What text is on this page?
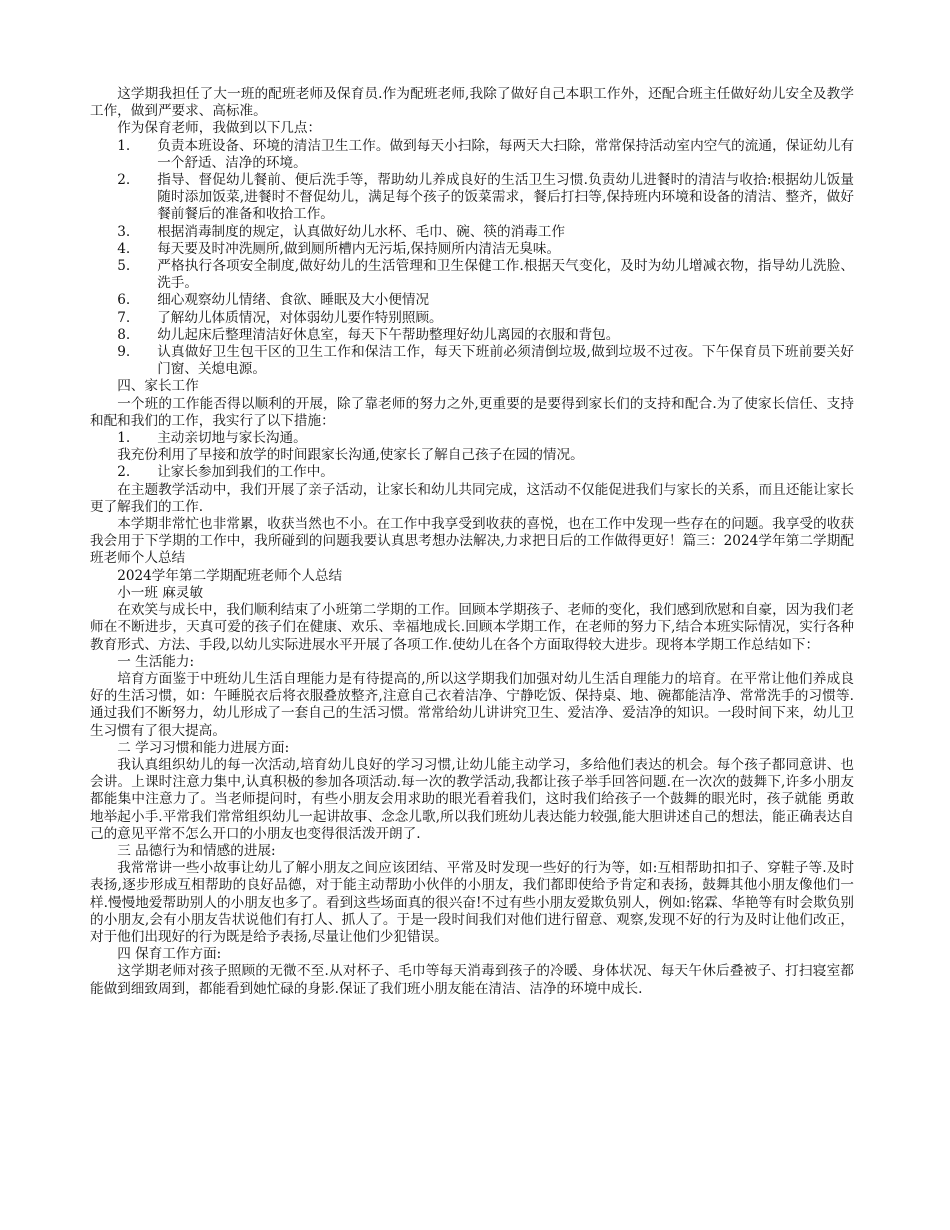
这学期我担任了大一班的配班老师及保育员.作为配班老师,我除了做好自己本职工作外，还配合班主任做好幼儿安全及教学工作，做到严要求、高标准。

作为保育老师，我做到以下几点：

1.	负责本班设备、环境的清洁卫生工作。做到每天小扫除，每两天大扫除，常常保持活动室内空气的流通，保证幼儿有一个舒适、洁净的环境。
2.	指导、督促幼儿餐前、便后洗手等，帮助幼儿养成良好的生活卫生习惯.负责幼儿进餐时的清洁与收拾:根据幼儿饭量随时添加饭菜,进餐时不督促幼儿，满足每个孩子的饭菜需求，餐后打扫等,保持班内环境和设备的清洁、整齐，做好餐前餐后的准备和收拾工作。
3.	根据消毒制度的规定，认真做好幼儿水杯、毛巾、碗、筷的消毒工作
4.	每天要及时冲洗厕所,做到厕所槽内无污垢,保持厕所内清洁无臭味。
5.	严格执行各项安全制度,做好幼儿的生活管理和卫生保健工作.根据天气变化，及时为幼儿增减衣物，指导幼儿洗脸、洗手。
6.	细心观察幼儿情绪、食欲、睡眠及大小便情况
7.	了解幼儿体质情况，对体弱幼儿要作特别照顾。
8.	幼儿起床后整理清洁好休息室，每天下午帮助整理好幼儿离园的衣服和背包。
9.	认真做好卫生包干区的卫生工作和保洁工作，每天下班前必须清倒垃圾,做到垃圾不过夜。下午保育员下班前要关好门窗、关熄电源。

四、家长工作

一个班的工作能否得以顺利的开展，除了靠老师的努力之外,更重要的是要得到家长们的支持和配合.为了使家长信任、支持和配和我们的工作，我实行了以下措施：

1.	主动亲切地与家长沟通。

我充份利用了早接和放学的时间跟家长沟通,使家长了解自己孩子在园的情况。

2.	让家长参加到我们的工作中。

在主题教学活动中，我们开展了亲子活动，让家长和幼儿共同完成，这活动不仅能促进我们与家长的关系，而且还能让家长更了解我们的工作.

本学期非常忙也非常累，收获当然也不小。在工作中我享受到收获的喜悦，也在工作中发现一些存在的问题。我享受的收获我会用于下学期的工作中，我所碰到的问题我要认真思考想办法解决,力求把日后的工作做得更好！篇三：2024学年第二学期配班老师个人总结

2024学年第二学期配班老师个人总结

小一班 麻灵敏

在欢笑与成长中，我们顺利结束了小班第二学期的工作。回顾本学期孩子、老师的变化，我们感到欣慰和自豪，因为我们老师在不断进步，天真可爱的孩子们在健康、欢乐、幸福地成长.回顾本学期工作，在老师的努力下,结合本班实际情况，实行各种教育形式、方法、手段,以幼儿实际进展水平开展了各项工作.使幼儿在各个方面取得较大进步。现将本学期工作总结如下：

一 生活能力:

培育方面鉴于中班幼儿生活自理能力是有待提高的,所以这学期我们加强对幼儿生活自理能力的培育。在平常让他们养成良好的生活习惯，如：午睡脱衣后将衣服叠放整齐,注意自己衣着洁净、宁静吃饭、保持桌、地、碗都能洁净、常常洗手的习惯等.通过我们不断努力，幼儿形成了一套自己的生活习惯。常常给幼儿讲讲究卫生、爱洁净、爱洁净的知识。一段时间下来，幼儿卫生习惯有了很大提高。

二 学习习惯和能力进展方面:

我认真组织幼儿的每一次活动,培育幼儿良好的学习习惯,让幼儿能主动学习，多给他们表达的机会。每个孩子都同意讲、也会讲。上课时注意力集中,认真积极的参加各项活动.每一次的教学活动,我都让孩子举手回答问题.在一次次的鼓舞下,许多小朋友都能集中注意力了。当老师提问时，有些小朋友会用求助的眼光看着我们，这时我们给孩子一个鼓舞的眼光时，孩子就能 勇敢地举起小手.平常我们常常组织幼儿一起讲故事、念念儿歌,所以我们班幼儿表达能力较强,能大胆讲述自己的想法，能正确表达自己的意见平常不怎么开口的小朋友也变得很活泼开朗了.

三 品德行为和情感的进展:

我常常讲一些小故事让幼儿了解小朋友之间应该团结、平常及时发现一些好的行为等，如:互相帮助扣扣子、穿鞋子等.及时表扬,逐步形成互相帮助的良好品德，对于能主动帮助小伙伴的小朋友，我们都即使给予肯定和表扬，鼓舞其他小朋友像他们一样.慢慢地爱帮助别人的小朋友也多了。看到这些场面真的很兴奋!不过有些小朋友爱欺负别人，例如:铭霖、华艳等有时会欺负别的小朋友,会有小朋友告状说他们有打人、抓人了。于是一段时间我们对他们进行留意、观察,发现不好的行为及时让他们改正，对于他们出现好的行为既是给予表扬,尽量让他们少犯错误。

四 保育工作方面:

这学期老师对孩子照顾的无微不至.从对杯子、毛巾等每天消毒到孩子的冷暖、身体状况、每天午休后叠被子、打扫寝室都能做到细致周到，都能看到她忙碌的身影.保证了我们班小朋友能在清洁、洁净的环境中成长.
